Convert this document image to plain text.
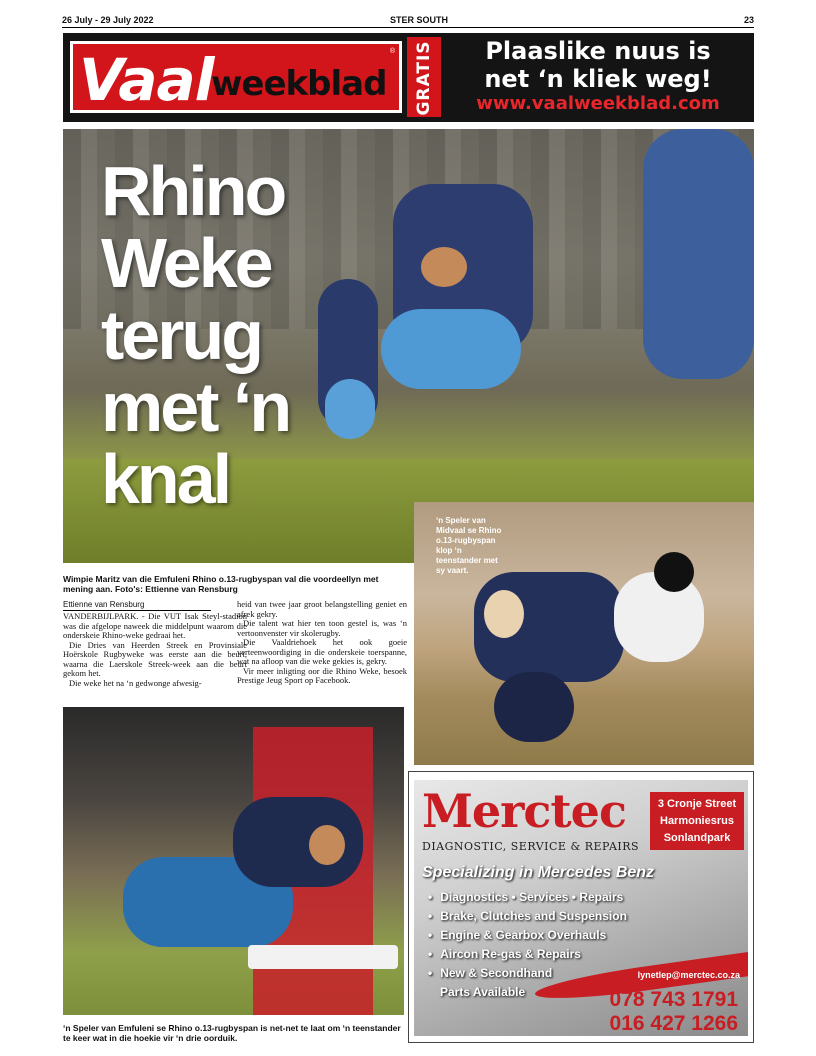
26 July - 29 July 2022	STER SOUTH	23
Vaal
weekblad
® GRATIS	Plaaslike nuus is
net ‘n kliek weg!
www.vaalweekblad.com
Rhino
Weke
terug
met ‘n
knal
‘n Speler van Midvaal se Rhino o.13-rugbyspan klop ‘n teenstander met sy vaart.
Wimpie Maritz van die Emfuleni Rhino o.13-rugbyspan val die voordeellyn met mening aan. Foto's: Ettienne van Rensburg
Ettienne van Rensburg

VANDERBIJLPARK. - Die VUT Isak Steyl-stadion was die afgelope naweek die middelpunt waarom die onderskeie Rhino-weke gedraai het.

Die Dries van Heerden Streek en Provinsiale Hoërskole Rugbyweke was eerste aan die beurt, waarna die Laerskole Streek-week aan die beurt gekom het.

Die weke het na ‘n gedwonge afwesig-

heid van twee jaar groot belangstelling geniet en afrek gekry.

Die talent wat hier ten toon gestel is, was ‘n vertoonvenster vir skolerugby.

Die Vaaldriehoek het ook goeie verteenwoordiging in die onderskeie toerspanne, wat na afloop van die weke gekies is, gekry.

Vir meer inligting oor die Rhino Weke, besoek Prestige Jeug Sport op Facebook.

‘n Speler van Emfuleni se Rhino o.13-rugbyspan is net-net te laat om ‘n teenstander te keer wat in die hoekie vir ‘n drie oorduik.
Merctec
DIAGNOSTIC, SERVICE & REPAIRS
3 Cronje Street
Harmoniesrus
Sonlandpark
Specializing in Mercedes Benz
• Diagnostics • Services • Repairs
• Brake, Clutches and Suspension
• Engine & Gearbox Overhauls
• Aircon Re-gas & Repairs
• New & Secondhand
Parts Available
lynetlep@merctec.co.za
078 743 1791
016 427 1266
